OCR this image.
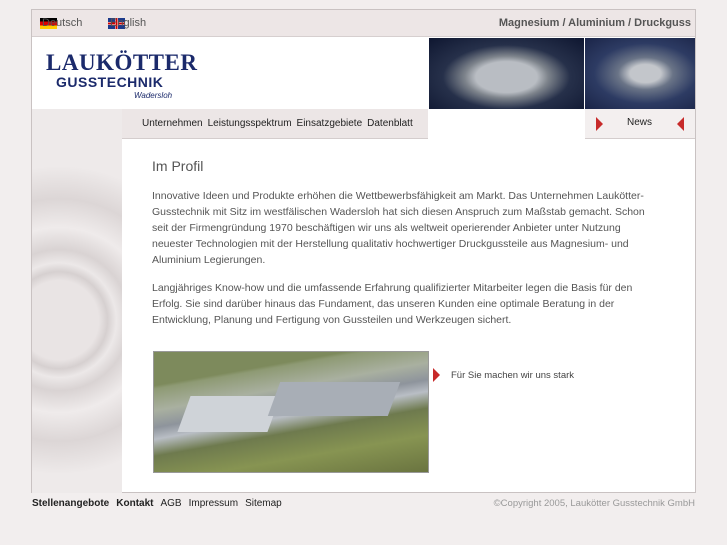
Deutsch	English	Magnesium / Aluminium / Druckguss
LAUKÖTTER
GUSSTECHNIK
Wadersloh
Unternehmen Leistungsspektrum Einsatzgebiete Datenblatt	News
Im Profil

Innovative Ideen und Produkte erhöhen die Wettbewerbsfähigkeit am Markt. Das Unternehmen Laukötter-Gusstechnik mit Sitz im westfälischen Wadersloh hat sich diesen Anspruch zum Maßstab gemacht. Schon seit der Firmengründung 1970 beschäftigen wir uns als weltweit operierender Anbieter unter Nutzung neuester Technologien mit der Herstellung qualitativ hochwertiger Druckgussteile aus Magnesium- und Aluminium Legierungen.

Langjähriges Know-how und die umfassende Erfahrung qualifizierter Mitarbeiter legen die Basis für den Erfolg. Sie sind darüber hinaus das Fundament, das unseren Kunden eine optimale Beratung in der Entwicklung, Planung und Fertigung von Gussteilen und Werkzeugen sichert.

Für Sie machen wir uns stark
Stellenangebote Kontakt AGB Impressum Sitemap	©Copyright 2005, Laukötter Gusstechnik GmbH
